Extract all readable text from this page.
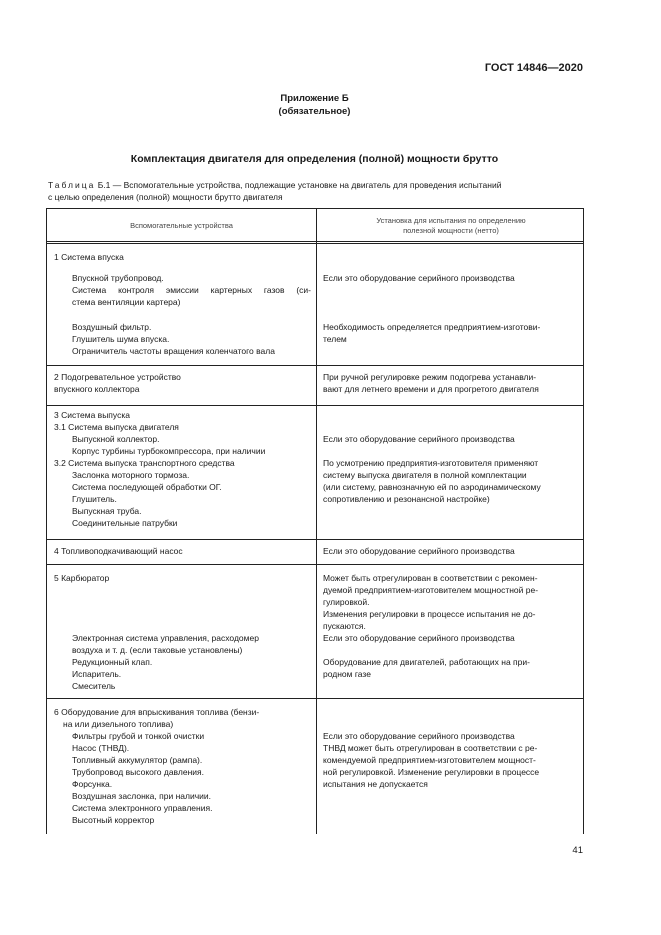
ГОСТ 14846—2020
Приложение Б
(обязательное)
Комплектация двигателя для определения (полной) мощности брутто
Таблица Б.1 — Вспомогательные устройства, подлежащие установке на двигатель для проведения испытаний
с целью определения (полной) мощности брутто двигателя
Вспомогательные устройства
Установка для испытания по определению
полезной мощности (нетто)
1 Система впуска
Впускной трубопровод.
Система контроля эмиссии картерных газов (си-
стема вентиляции картера)
Воздушный фильтр.
Глушитель шума впуска.
Ограничитель частоты вращения коленчатого вала
Если это оборудование серийного производства
Необходимость определяется предприятием-изготови-
телем
2 Подогревательное устройство
впускного коллектора
При ручной регулировке режим подогрева устанавли-
вают для летнего времени и для прогретого двигателя
3 Система выпуска
3.1 Система выпуска двигателя
Выпускной коллектор.
Корпус турбины турбокомпрессора, при наличии
3.2 Система выпуска транспортного средства
Заслонка моторного тормоза.
Система последующей обработки ОГ.
Глушитель.
Выпускная труба.
Соединительные патрубки
Если это оборудование серийного производства
По усмотрению предприятия-изготовителя применяют
систему выпуска двигателя в полной комплектации
(или систему, равнозначную ей по аэродинамическому
сопротивлению и резонансной настройке)
4 Топливоподкачивающий насос	Если это оборудование серийного производства
5 Карбюратор
Электронная система управления, расходомер
воздуха и т. д. (если таковые установлены)
Редукционный клап.
Испаритель.
Смеситель
Может быть отрегулирован в соответствии с рекомен-
дуемой предприятием-изготовителем мощностной ре-
гулировкой.
Изменения регулировки в процессе испытания не до-
пускаются.
Если это оборудование серийного производства
Оборудование для двигателей, работающих на при-
родном газе
6 Оборудование для впрыскивания топлива (бензи-
на или дизельного топлива)
Фильтры грубой и тонкой очистки
Насос (ТНВД).
Топливный аккумулятор (рампа).
Трубопровод высокого давления.
Форсунка.
Воздушная заслонка, при наличии.
Система электронного управления.
Высотный корректор
Если это оборудование серийного производства
ТНВД может быть отрегулирован в соответствии с ре-
комендуемой предприятием-изготовителем мощност-
ной регулировкой. Изменение регулировки в процессе
испытания не допускается
41
